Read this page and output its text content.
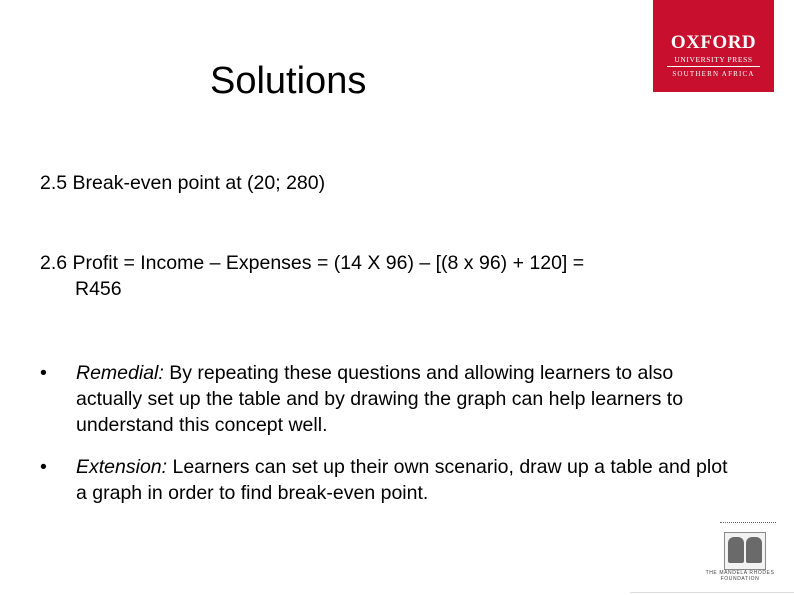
OXFORD
UNIVERSITY PRESS
SOUTHERN AFRICA
Solutions

2.5 Break-even point at (20; 280)

2.6 Profit = Income – Expenses = (14 X 96) – [(8 x 96) + 120] =
R456

• Remedial: By repeating these questions and allowing learners to also actually set up the table and by drawing the graph can help learners to understand this concept well.
• Extension: Learners can set up their own scenario, draw up a table and plot a graph in order to find break-even point.
THE MANDELA RHODES FOUNDATION
